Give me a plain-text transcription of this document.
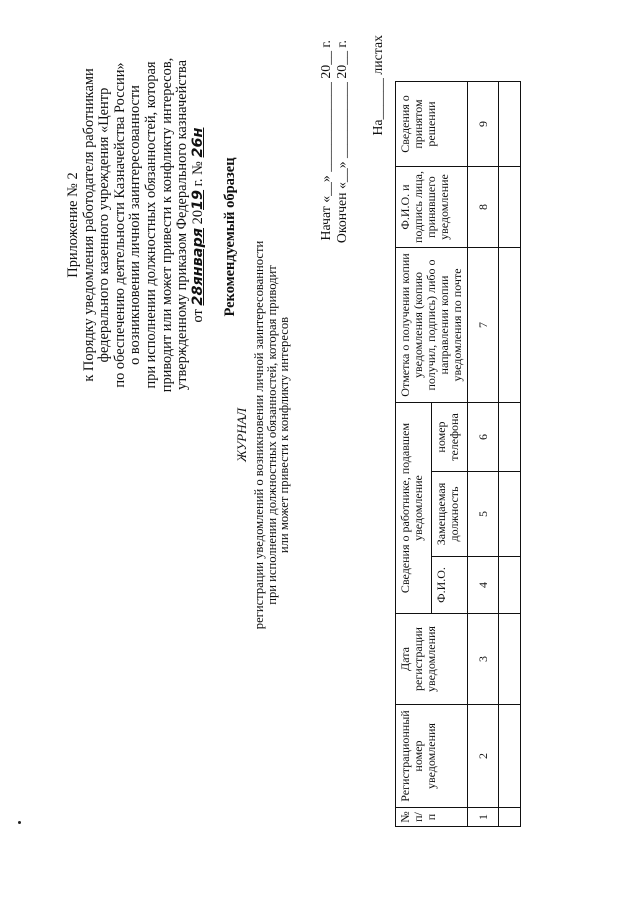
Приложение № 2 к Порядку уведомления работодателя работниками федерального казенного учреждения «Центр по обеспечению деятельности Казначейства России» о возникновении личной заинтересованности при исполнении должностных обязанностей, которая приводит или может привести к конфликту интересов, утвержденному приказом Федерального казначейства от 28января 2019 г. № 26н
Рекомендуемый образец
ЖУРНАЛ регистрации уведомлений о возникновении личной заинтересованности
при исполнении должностных обязанностей, которая приводит
или может привести к конфликту интересов
Начат «__» _____________ 20__ г. Окончен «__» ___________ 20__ г. На______ листах
№ п/п	Регистрационный номер уведомления	Дата регистрации уведомления	Сведения о работнике, подавшем уведомление			Отметка о получении копии уведомления (копию получил, подпись) либо о направлении копии уведомления по почте	Ф.И.О. и подпись лица, принявшего уведомление	Сведения о принятом решении
			Ф.И.О.	Замещаемая должность	номер телефона			
1	2	3	4	5	6	7	8	9
